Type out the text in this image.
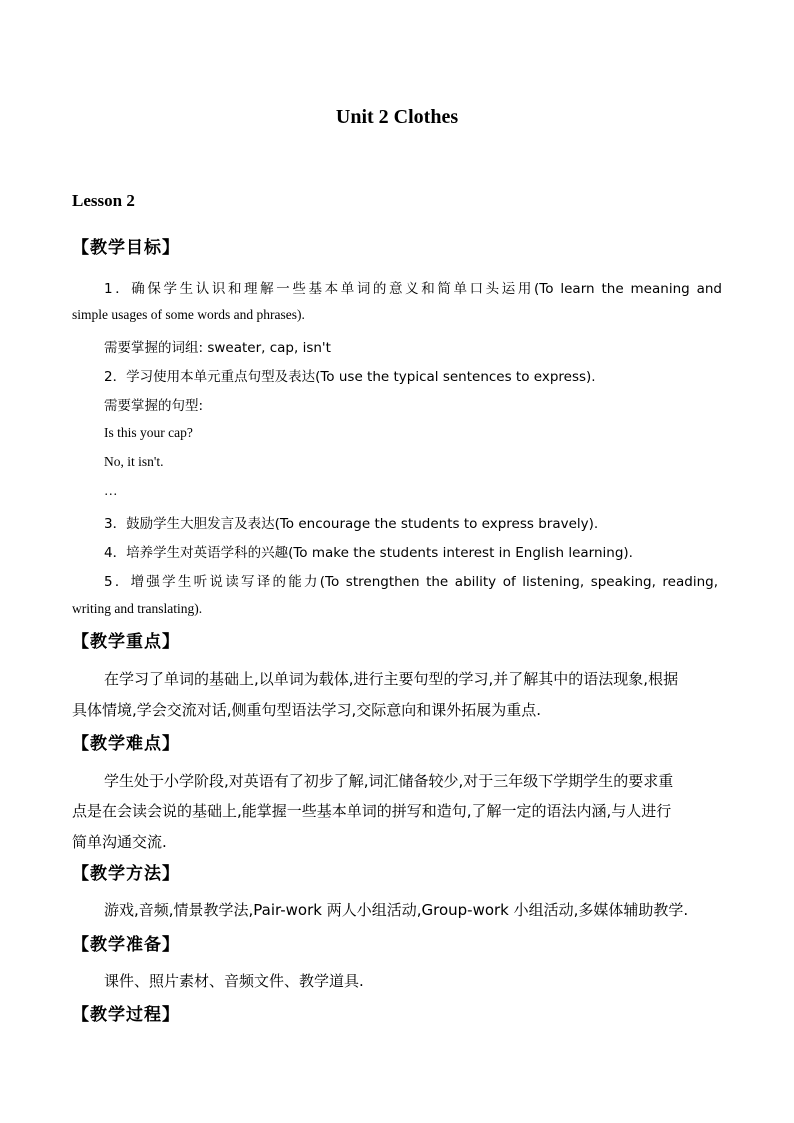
Unit 2 Clothes
Lesson 2
【教学目标】
1．确保学生认识和理解一些基本单词的意义和简单口头运用(To learn the meaning and
simple usages of some words and phrases).
需要掌握的词组: sweater, cap, isn't
2．学习使用本单元重点句型及表达(To use the typical sentences to express).
需要掌握的句型:
Is this your cap?
No, it isn't.
…
3．鼓励学生大胆发言及表达(To encourage the students to express bravely).
4．培养学生对英语学科的兴趣(To make the students interest in English learning).
5．增强学生听说读写译的能力(To strengthen the ability of listening, speaking, reading,
writing and translating).
【教学重点】
在学习了单词的基础上,以单词为载体,进行主要句型的学习,并了解其中的语法现象,根据
具体情境,学会交流对话,侧重句型语法学习,交际意向和课外拓展为重点.
【教学难点】
学生处于小学阶段,对英语有了初步了解,词汇储备较少,对于三年级下学期学生的要求重
点是在会读会说的基础上,能掌握一些基本单词的拼写和造句,了解一定的语法内涵,与人进行
简单沟通交流.
【教学方法】
游戏,音频,情景教学法,Pair-work 两人小组活动,Group-work 小组活动,多媒体辅助教学.
【教学准备】
课件、照片素材、音频文件、教学道具.
【教学过程】
